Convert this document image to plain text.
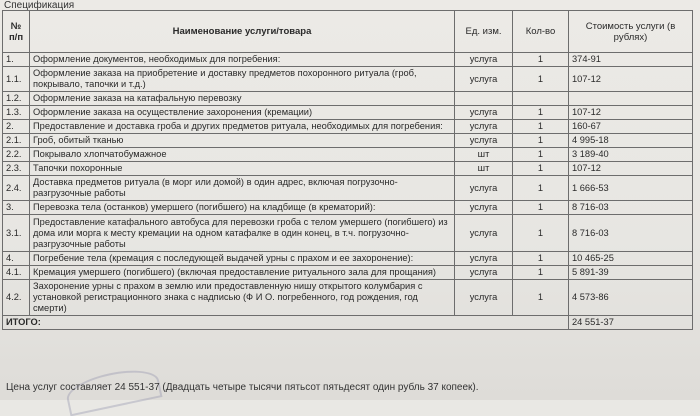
Спецификация
№
п/п	Наименование услуги/товара	Ед. изм.	Кол-во	Стоимость услуги (в рублях)
1.	Оформление документов, необходимых для погребения:	услуга	1	374-91
1.1.	Оформление заказа на приобретение и доставку предметов похоронного ритуала (гроб, покрывало, тапочки и т.д.)	услуга	1	107-12
1.2.	Оформление заказа на катафальную перевозку			
1.3.	Оформление заказа на осуществление захоронения (кремации)	услуга	1	107-12
2.	Предоставление и доставка гроба и других предметов ритуала, необходимых для погребения:	услуга	1	160-67
2.1.	Гроб, обитый тканью	услуга	1	4 995-18
2.2.	Покрывало хлопчатобумажное	шт	1	3 189-40
2.3.	Тапочки похоронные	шт	1	107-12
2.4.	Доставка предметов ритуала (в морг или домой) в один адрес, включая погрузочно-разгрузочные работы	услуга	1	1 666-53
3.	Перевозка тела (останков) умершего (погибшего) на кладбище (в крематорий):	услуга	1	8 716-03
3.1.	Предоставление катафального автобуса для перевозки гроба с телом умершего (погибшего) из дома или морга к месту кремации на одном катафалке в один конец, в т.ч. погрузочно-разгрузочные работы	услуга	1	8 716-03
4.	Погребение тела (кремация с последующей выдачей урны с прахом и ее захоронение):	услуга	1	10 465-25
4.1.	Кремация умершего (погибшего) (включая предоставление ритуального зала для прощания)	услуга	1	5 891-39
4.2.	Захоронение урны с прахом в землю или предоставленную нишу открытого колумбария с установкой регистрационного знака с надписью (Ф И О. погребенного, год рождения, год смерти)	услуга	1	4 573-86
ИТОГО:				24 551-37
Цена услуг составляет 24 551-37 (Двадцать четыре тысячи пятьсот пятьдесят один рубль 37 копеек).
